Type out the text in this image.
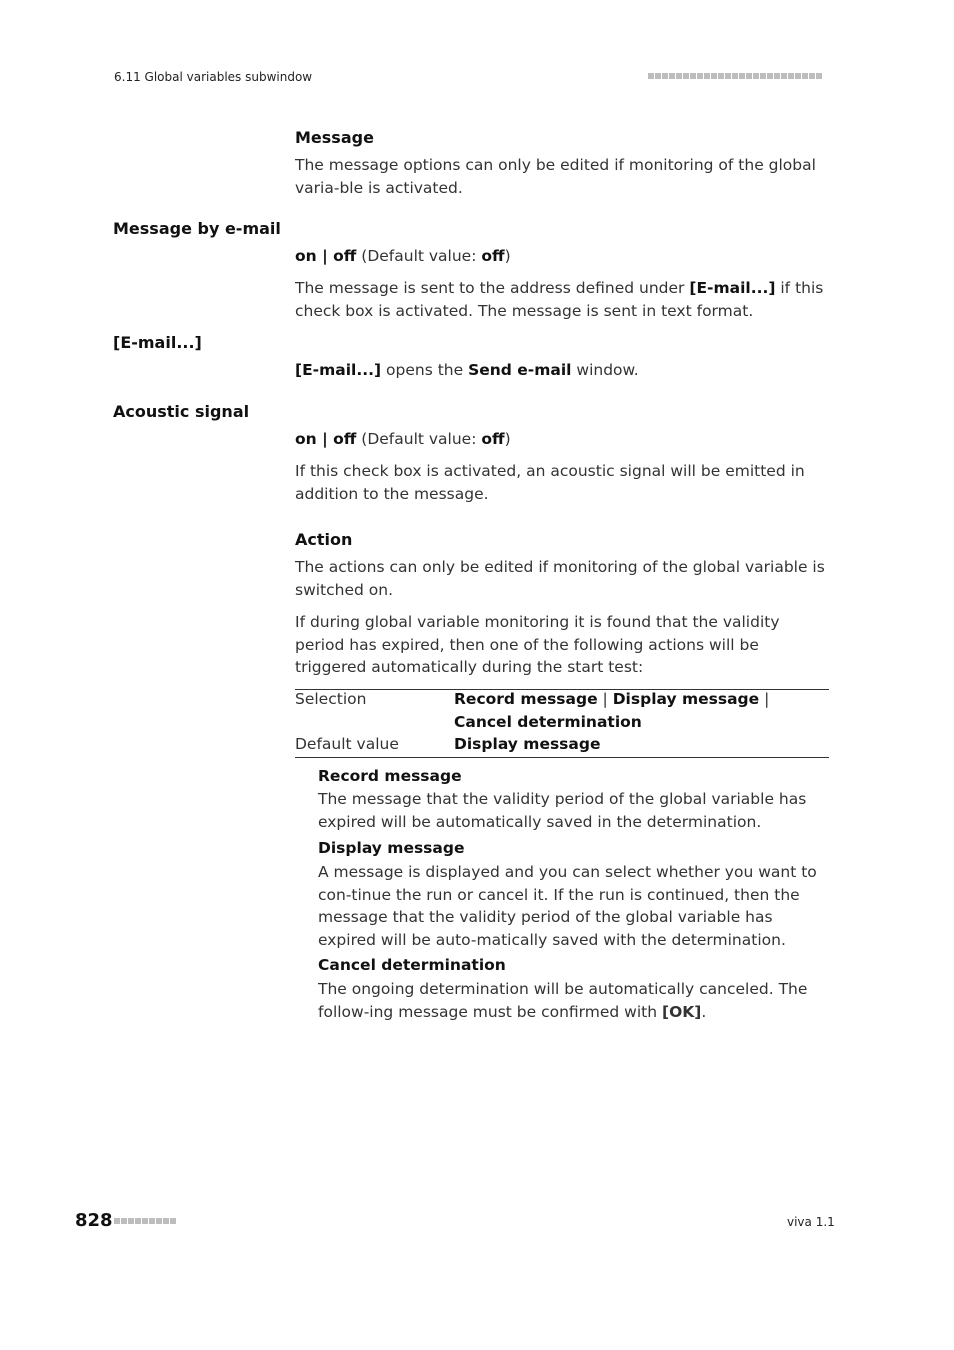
6.11 Global variables subwindow
Message
The message options can only be edited if monitoring of the global varia-ble is activated.
Message by e-mail
on | off (Default value: off)
The message is sent to the address defined under [E-mail...] if this check box is activated. The message is sent in text format.
[E-mail...]
[E-mail...] opens the Send e-mail window.
Acoustic signal
on | off (Default value: off)
If this check box is activated, an acoustic signal will be emitted in addition to the message.
Action
The actions can only be edited if monitoring of the global variable is switched on.
If during global variable monitoring it is found that the validity period has expired, then one of the following actions will be triggered automatically during the start test:
Selection	Record message | Display message | Cancel determination
Default value	Display message
Record message
The message that the validity period of the global variable has expired will be automatically saved in the determination.
Display message
A message is displayed and you can select whether you want to con-tinue the run or cancel it. If the run is continued, then the message that the validity period of the global variable has expired will be auto-matically saved with the determination.
Cancel determination
The ongoing determination will be automatically canceled. The follow-ing message must be confirmed with [OK].
828	viva 1.1
